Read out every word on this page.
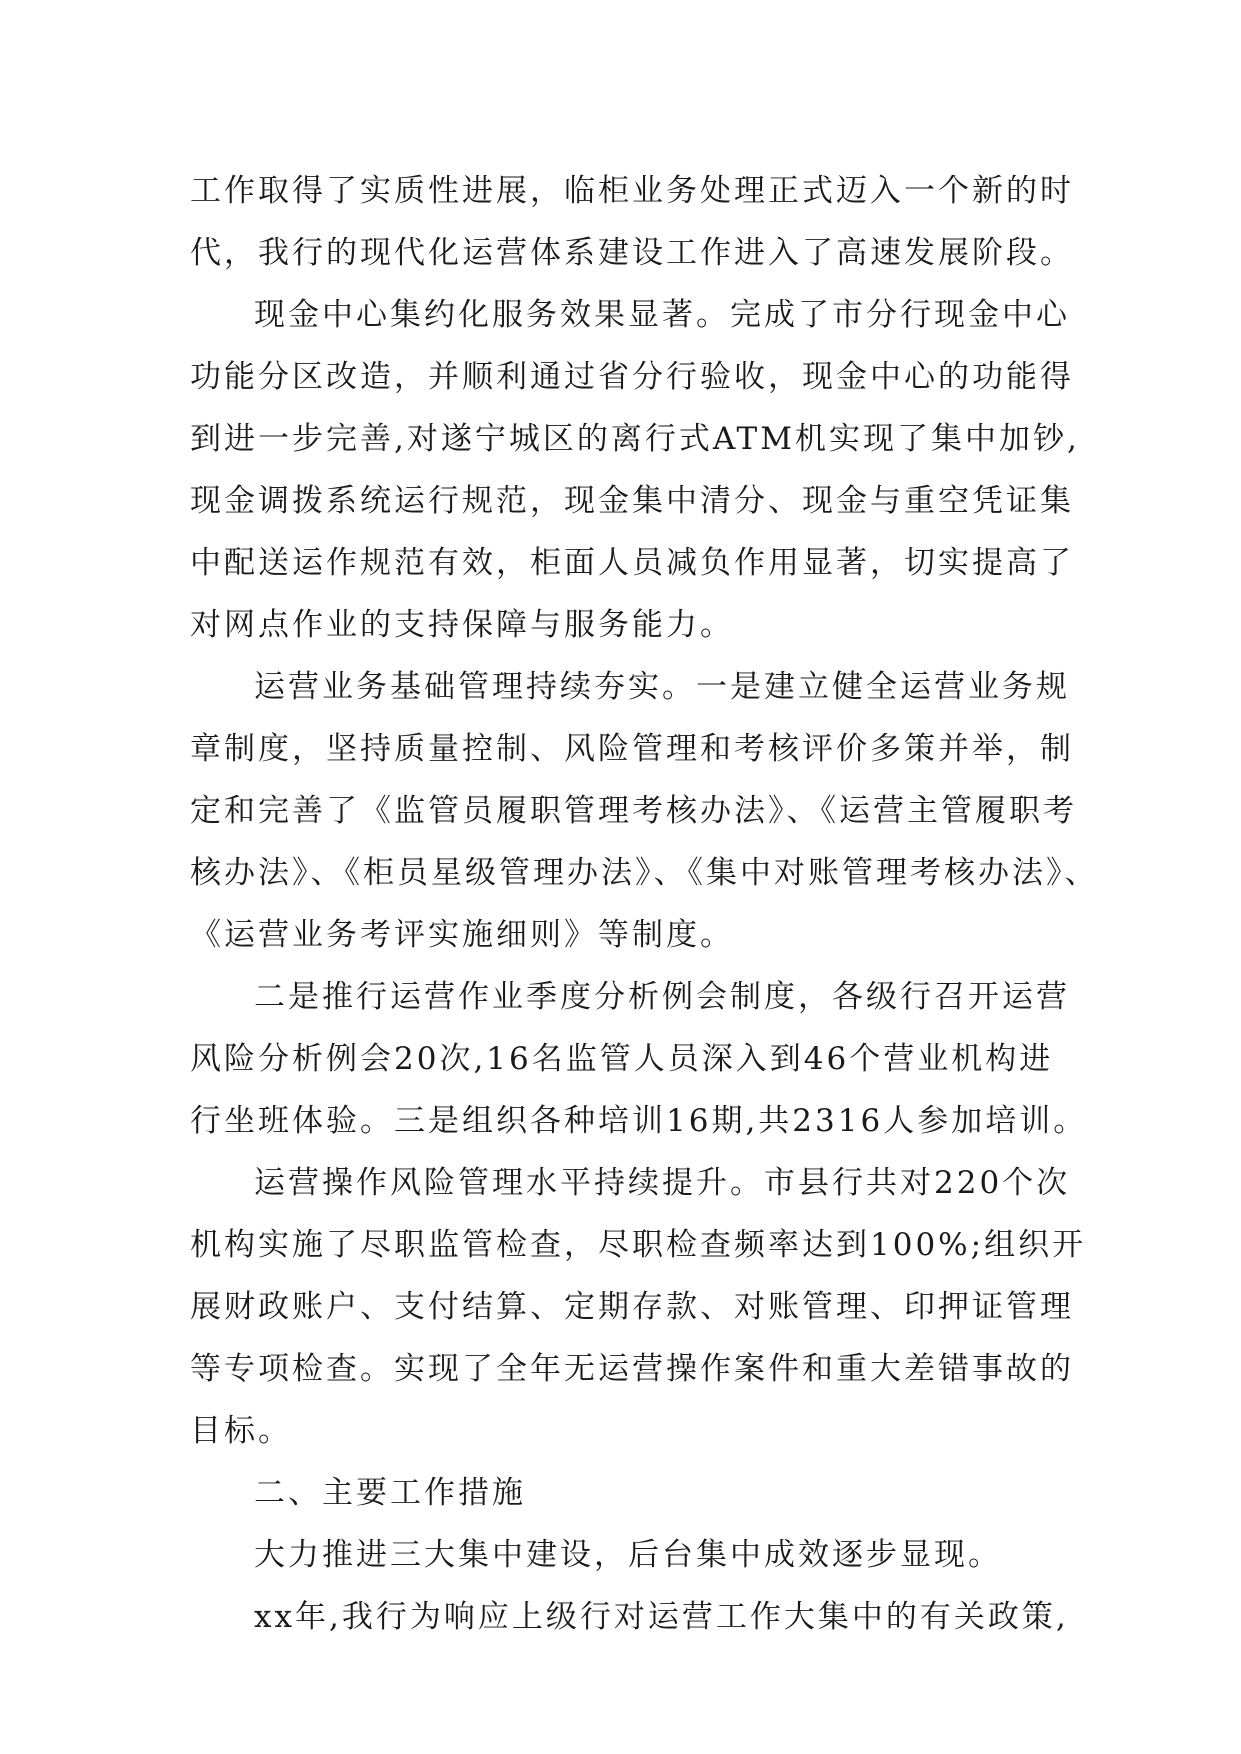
工作取得了实质性进展，临柜业务处理正式迈入一个新的时
代，我行的现代化运营体系建设工作进入了高速发展阶段。
现金中心集约化服务效果显著。完成了市分行现金中心
功能分区改造，并顺利通过省分行验收，现金中心的功能得
到进一步完善,对遂宁城区的离行式ATM机实现了集中加钞,
现金调拨系统运行规范，现金集中清分、现金与重空凭证集
中配送运作规范有效，柜面人员减负作用显著，切实提高了
对网点作业的支持保障与服务能力。
运营业务基础管理持续夯实。一是建立健全运营业务规
章制度，坚持质量控制、风险管理和考核评价多策并举，制
定和完善了《监管员履职管理考核办法》、《运营主管履职考
核办法》、《柜员星级管理办法》、《集中对账管理考核办法》、
《运营业务考评实施细则》等制度。
二是推行运营作业季度分析例会制度，各级行召开运营
风险分析例会20次,16名监管人员深入到46个营业机构进
行坐班体验。三是组织各种培训16期,共2316人参加培训。
运营操作风险管理水平持续提升。市县行共对220个次
机构实施了尽职监管检查，尽职检查频率达到100%;组织开
展财政账户、支付结算、定期存款、对账管理、印押证管理
等专项检查。实现了全年无运营操作案件和重大差错事故的
目标。
二、主要工作措施
大力推进三大集中建设，后台集中成效逐步显现。
xx年,我行为响应上级行对运营工作大集中的有关政策,
